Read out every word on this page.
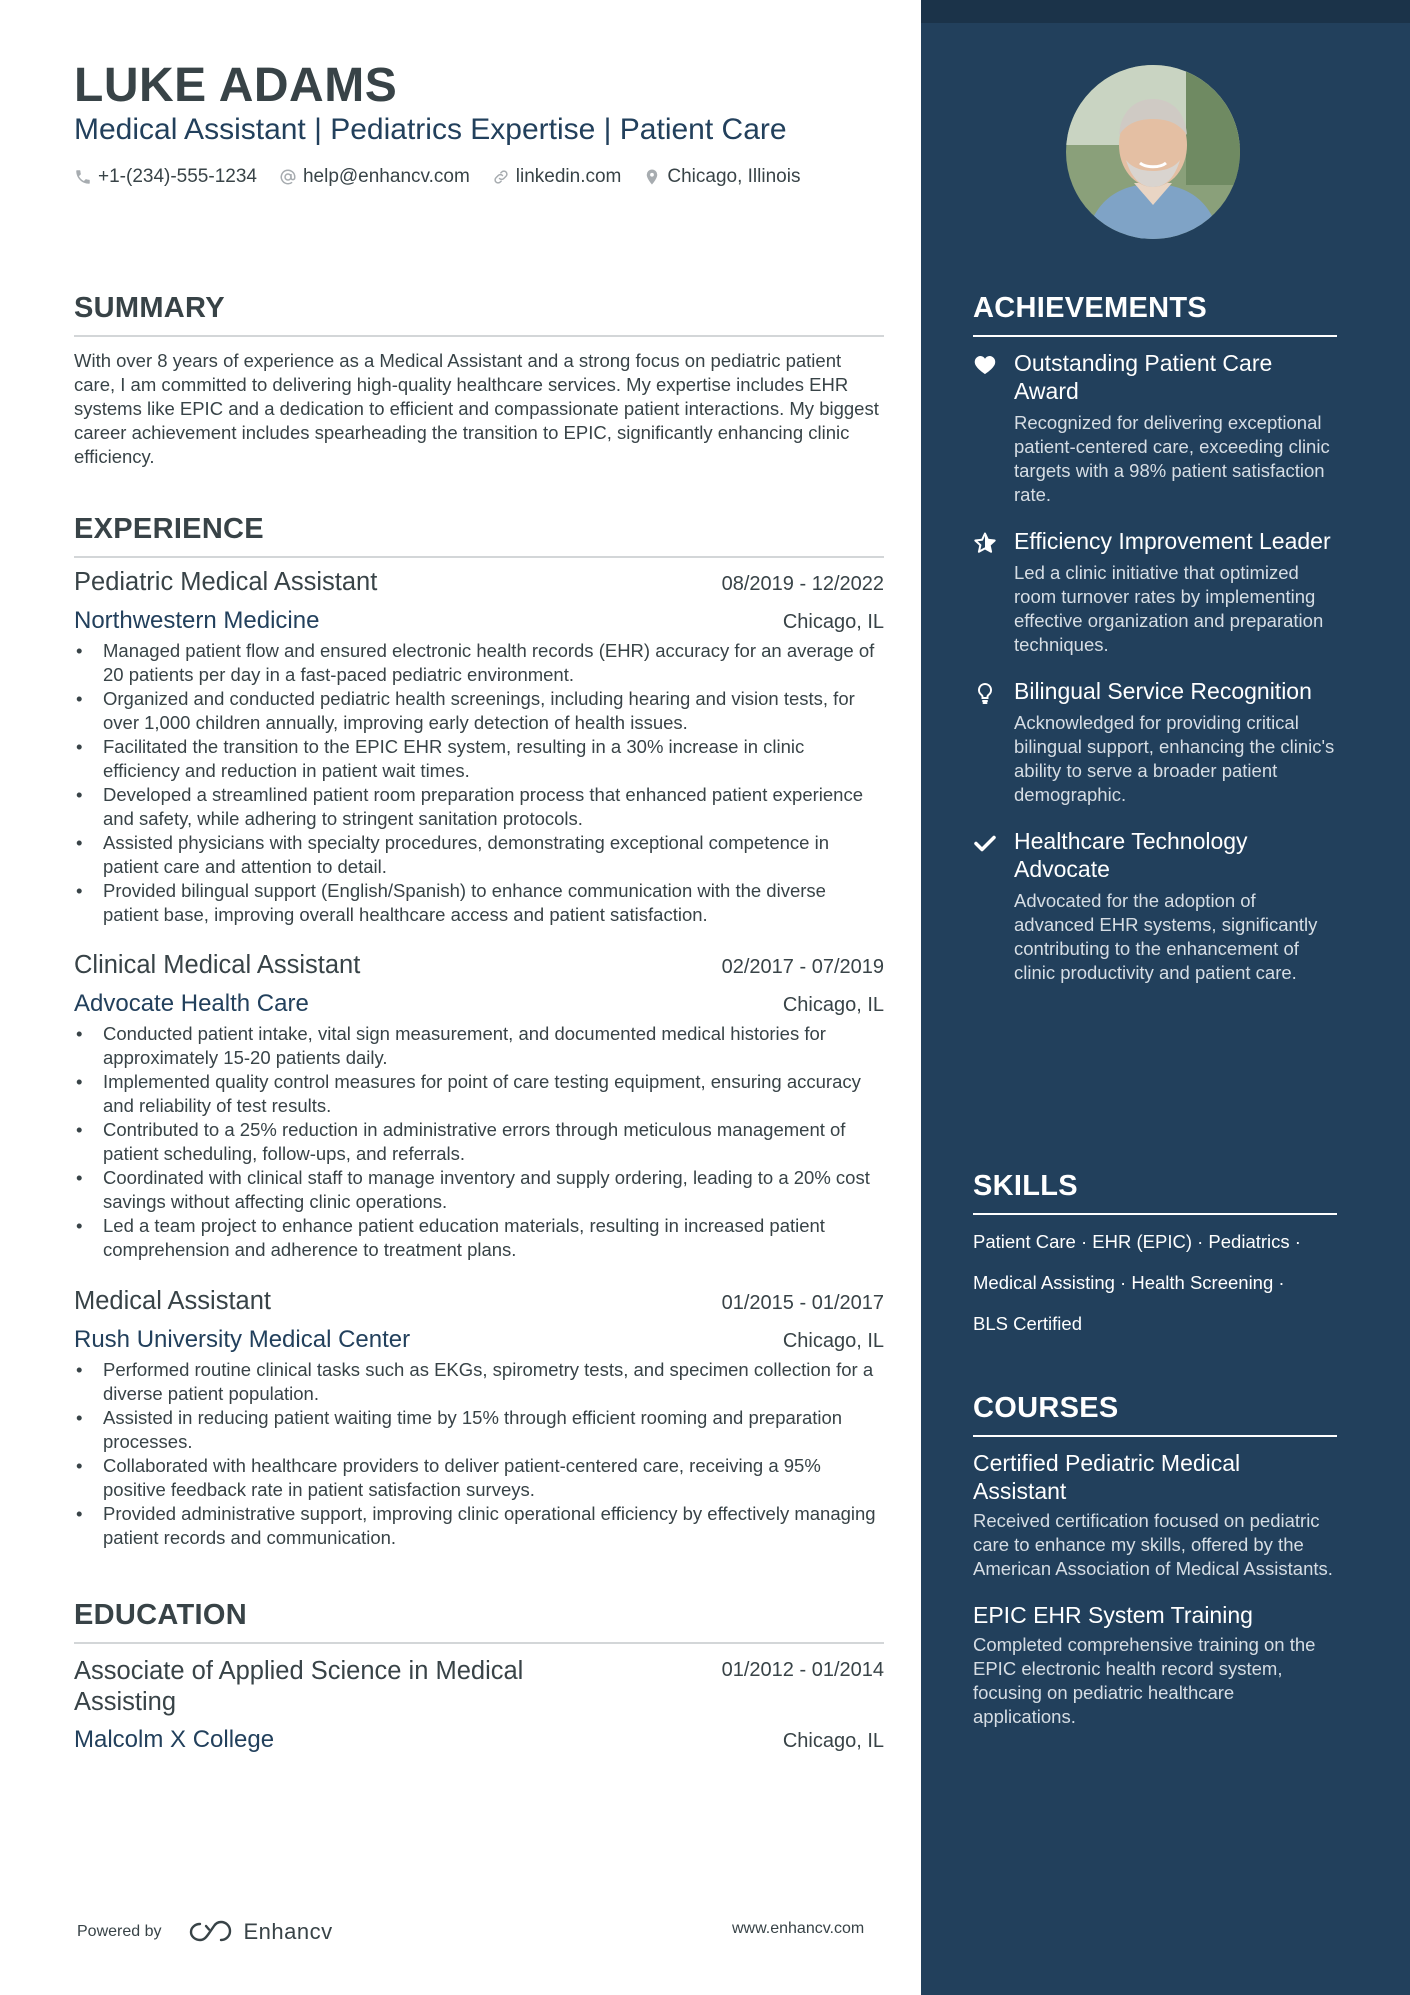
LUKE ADAMS
Medical Assistant | Pediatrics Expertise | Patient Care
+1-(234)-555-1234 help@enhancv.com linkedin.com Chicago, Illinois
SUMMARY
With over 8 years of experience as a Medical Assistant and a strong focus on pediatric patient care, I am committed to delivering high-quality healthcare services. My expertise includes EHR systems like EPIC and a dedication to efficient and compassionate patient interactions. My biggest career achievement includes spearheading the transition to EPIC, significantly enhancing clinic efficiency.
EXPERIENCE
Pediatric Medical Assistant	08/2019 - 12/2022
Northwestern Medicine	Chicago, IL
• Managed patient flow and ensured electronic health records (EHR) accuracy for an average of 20 patients per day in a fast-paced pediatric environment.
• Organized and conducted pediatric health screenings, including hearing and vision tests, for over 1,000 children annually, improving early detection of health issues.
• Facilitated the transition to the EPIC EHR system, resulting in a 30% increase in clinic efficiency and reduction in patient wait times.
• Developed a streamlined patient room preparation process that enhanced patient experience and safety, while adhering to stringent sanitation protocols.
• Assisted physicians with specialty procedures, demonstrating exceptional competence in patient care and attention to detail.
• Provided bilingual support (English/Spanish) to enhance communication with the diverse patient base, improving overall healthcare access and patient satisfaction.
Clinical Medical Assistant	02/2017 - 07/2019
Advocate Health Care	Chicago, IL
• Conducted patient intake, vital sign measurement, and documented medical histories for approximately 15-20 patients daily.
• Implemented quality control measures for point of care testing equipment, ensuring accuracy and reliability of test results.
• Contributed to a 25% reduction in administrative errors through meticulous management of patient scheduling, follow-ups, and referrals.
• Coordinated with clinical staff to manage inventory and supply ordering, leading to a 20% cost savings without affecting clinic operations.
• Led a team project to enhance patient education materials, resulting in increased patient comprehension and adherence to treatment plans.
Medical Assistant	01/2015 - 01/2017
Rush University Medical Center	Chicago, IL
• Performed routine clinical tasks such as EKGs, spirometry tests, and specimen collection for a diverse patient population.
• Assisted in reducing patient waiting time by 15% through efficient rooming and preparation processes.
• Collaborated with healthcare providers to deliver patient-centered care, receiving a 95% positive feedback rate in patient satisfaction surveys.
• Provided administrative support, improving clinic operational efficiency by effectively managing patient records and communication.
EDUCATION
Associate of Applied Science in Medical Assisting
01/2012 - 01/2014
Malcolm X College	Chicago, IL
Powered by	Enhancv	www.enhancv.com
ACHIEVEMENTS
Outstanding Patient Care Award
Recognized for delivering exceptional patient-centered care, exceeding clinic targets with a 98% patient satisfaction rate.
Efficiency Improvement Leader
Led a clinic initiative that optimized room turnover rates by implementing effective organization and preparation techniques.
Bilingual Service Recognition
Acknowledged for providing critical bilingual support, enhancing the clinic's ability to serve a broader patient demographic.
Healthcare Technology Advocate
Advocated for the adoption of advanced EHR systems, significantly contributing to the enhancement of clinic productivity and patient care.
SKILLS
Patient Care · EHR (EPIC) · Pediatrics ·
Medical Assisting · Health Screening ·
BLS Certified
COURSES
Certified Pediatric Medical Assistant
Received certification focused on pediatric care to enhance my skills, offered by the American Association of Medical Assistants.
EPIC EHR System Training
Completed comprehensive training on the EPIC electronic health record system, focusing on pediatric healthcare applications.
